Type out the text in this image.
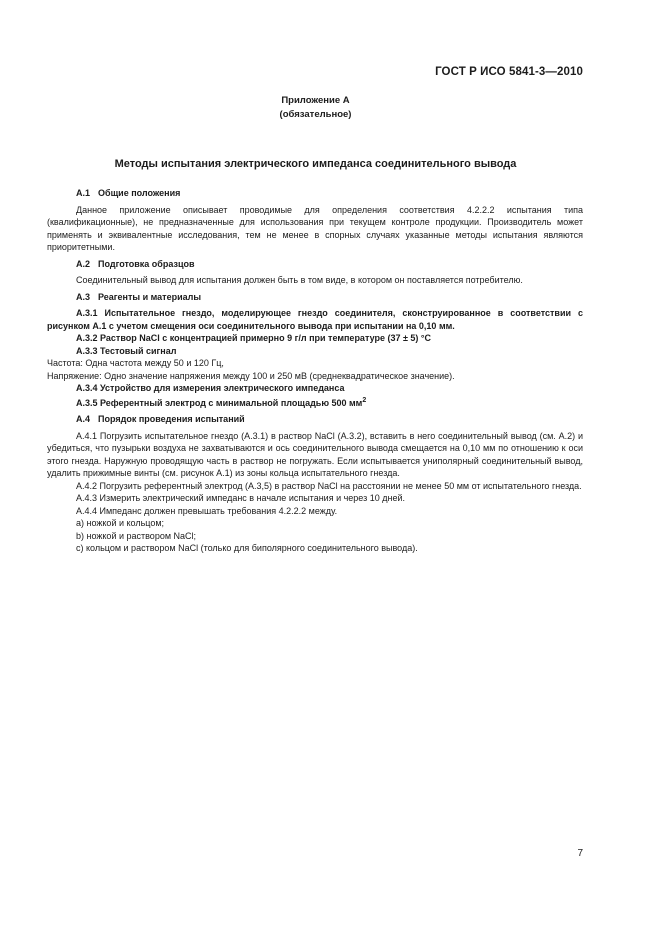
ГОСТ Р ИСО 5841-3—2010
Приложение А
(обязательное)
Методы испытания электрического импеданса соединительного вывода

А.1 Общие положения

Данное приложение описывает проводимые для определения соответствия 4.2.2.2 испытания типа (квалификационные), не предназначенные для использования при текущем контроле продукции. Производитель может применять и эквивалентные исследования, тем не менее в спорных случаях указанные методы испытания являются приоритетными.

А.2 Подготовка образцов

Соединительный вывод для испытания должен быть в том виде, в котором он поставляется потребителю.

А.3 Реагенты и материалы

А.3.1 Испытательное гнездо, моделирующее гнездо соединителя, сконструированное в соответствии с рисунком А.1 с учетом смещения оси соединительного вывода при испытании на 0,10 мм.

А.3.2 Раствор NaCl с концентрацией примерно 9 г/л при температуре (37 ± 5) °С

А.3.3 Тестовый сигнал

Частота: Одна частота между 50 и 120 Гц,

Напряжение: Одно значение напряжения между 100 и 250 мВ (среднеквадратическое значение).

А.3.4 Устройство для измерения электрического импеданса

А.3.5 Референтный электрод с минимальной площадью 500 $мм^2$

А.4 Порядок проведения испытаний

А.4.1 Погрузить испытательное гнездо (А.3.1) в раствор NaCl (А.3.2), вставить в него соединительный вывод (см. А.2) и убедиться, что пузырьки воздуха не захватываются и ось соединительного вывода смещается на 0,10 мм по отношению к оси этого гнезда. Наружную проводящую часть в раствор не погружать. Если испытывается униполярный соединительный вывод, удалить прижимные винты (см. рисунок А.1) из зоны кольца испытательного гнезда.

А.4.2 Погрузить референтный электрод (А.3,5) в раствор NaCl на расстоянии не менее 50 мм от испытательного гнезда.

А.4.3 Измерить электрический импеданс в начале испытания и через 10 дней.

А.4.4 Импеданс должен превышать требования 4.2.2.2 между.

a) ножкой и кольцом;

b) ножкой и раствором NaCl;

c) кольцом и раствором NaCl (только для биполярного соединительного вывода).

7
